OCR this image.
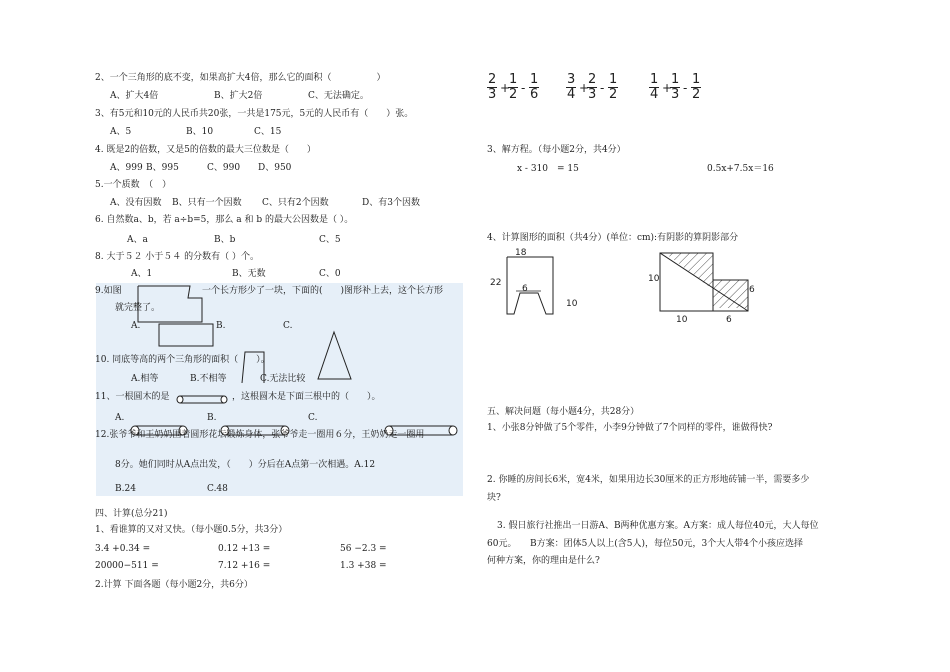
2、一个三角形的底不变，如果高扩大4倍，那么它的面积（　　　　　）
A、扩大4倍	B、扩大2倍	C、无法确定。
3、有5元和10元的人民币共20张，一共是175元，5元的人民币有（　　）张。
A、5	B、10	C、15
4. 既是2的倍数，又是5的倍数的最大三位数是（　　）
A、999 B、995	C、990 D、950
5.一个质数　（　）
A、没有因数 B、只有一个因数 C、只有2个因数	D、有3个因数
6. 自然数a、b，若 a÷b=5，那么 a 和 b 的最大公因数是（ ）。
A、a	B、b	C、5
8. 大于５２ 小于５４ 的分数有（ ）个。
A、1	B、无数	C、0
9.如图	一个长方形少了一块，下面的(　　)图形补上去，这个长方形
就完整了。
A.	B.	C.
10. 同底等高的两个三角形的面积（　　）。
A.相等	B.不相等	C.无法比较
11、一根圆木的是	，这根圆木是下面三根中的（　　）。
A.	B.	C.
12.张爷爷和王奶奶围着圆形花坛锻炼身体，张爷爷走一圈用６分，王奶奶走一圈用
8分。她们同时从A点出发，（　　）分后在A点第一次相遇。A.12
B.24	C.48
四、计算(总分21)
1、看谁算的又对又快。（每小题0.5分，共3分）
3.4 +0.34 =	0.12 +13 =	56 −2.3 =
20000−511 =	7.12 +16 =	1.3 +38 =
2.计算 下面各题（每小题2分，共6分）
$\frac{2}{3}$ +
$\frac{1}{2} - \frac{1}{6} \frac{3}{4}$ +
$\frac{2}{3} - \frac{1}{2} \frac{1}{4}$ +
$\frac{1}{3} - \frac{1}{2}$
3、解方程。（每小题2分，共4分）
x - 310　= 15	0.5x+7.5x＝16
4、计算图形的面积（共4分）(单位：cm):有阴影的算阴影部分
18
22
6
10
10
10
6
6
五、解决问题（每小题4分，共28分）
1、小张8分钟做了5个零件，小李9分钟做了7个同样的零件，谁做得快?
2. 你睡的房间长6米，宽4米，如果用边长30厘米的正方形地砖铺一半，需要多少
块?
3. 假日旅行社推出一日游A、B两种优惠方案。A方案：成人每位40元，大人每位
60元。　　B方案：团体5人以上(含5人)，每位50元，3个大人带4个小孩应选择
何种方案，你的理由是什么?
